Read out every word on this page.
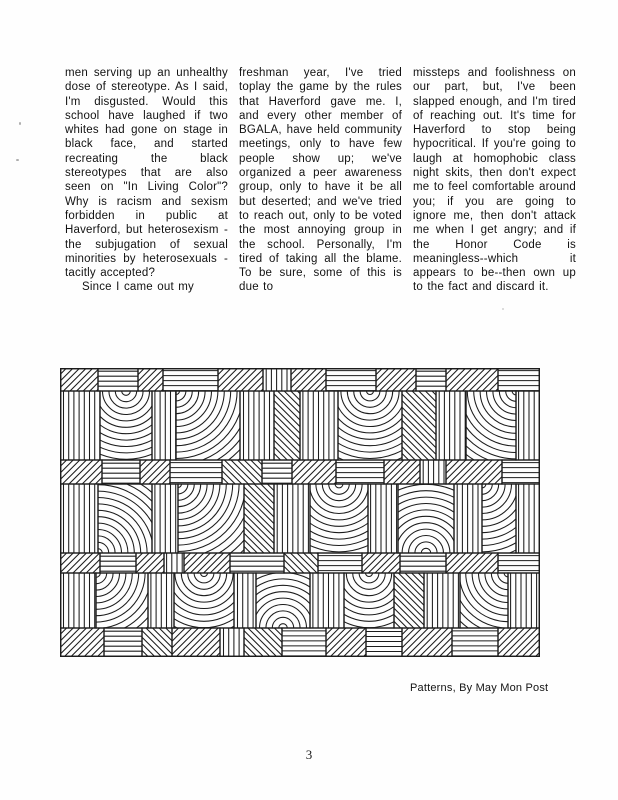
men serving up an unhealthy dose of stereotype. As I said, I'm disgusted. Would this school have laughed if two whites had gone on stage in black face, and started recreating the black stereotypes that are also seen on "In Living Color"? Why is racism and sexism forbidden in public at Haverford, but heterosexism - the subjugation of sexual minorities by heterosexuals - tacitly accepted?

Since I came out my

freshman year, I've tried toplay the game by the rules that Haverford gave me. I, and every other member of BGALA, have held community meetings, only to have few people show up; we've organized a peer awareness group, only to have it be all but deserted; and we've tried to reach out, only to be voted the most annoying group in the school. Personally, I'm tired of taking all the blame. To be sure, some of this is due to

missteps and foolishness on our part, but, I've been slapped enough, and I'm tired of reaching out. It's time for Haverford to stop being hypocritical. If you're going to laugh at homophobic class night skits, then don't expect me to feel comfortable around you; if you are going to ignore me, then don't attack me when I get angry; and if the Honor Code is meaningless--which it appears to be--then own up to the fact and discard it.

Patterns, By May Mon Post
3
